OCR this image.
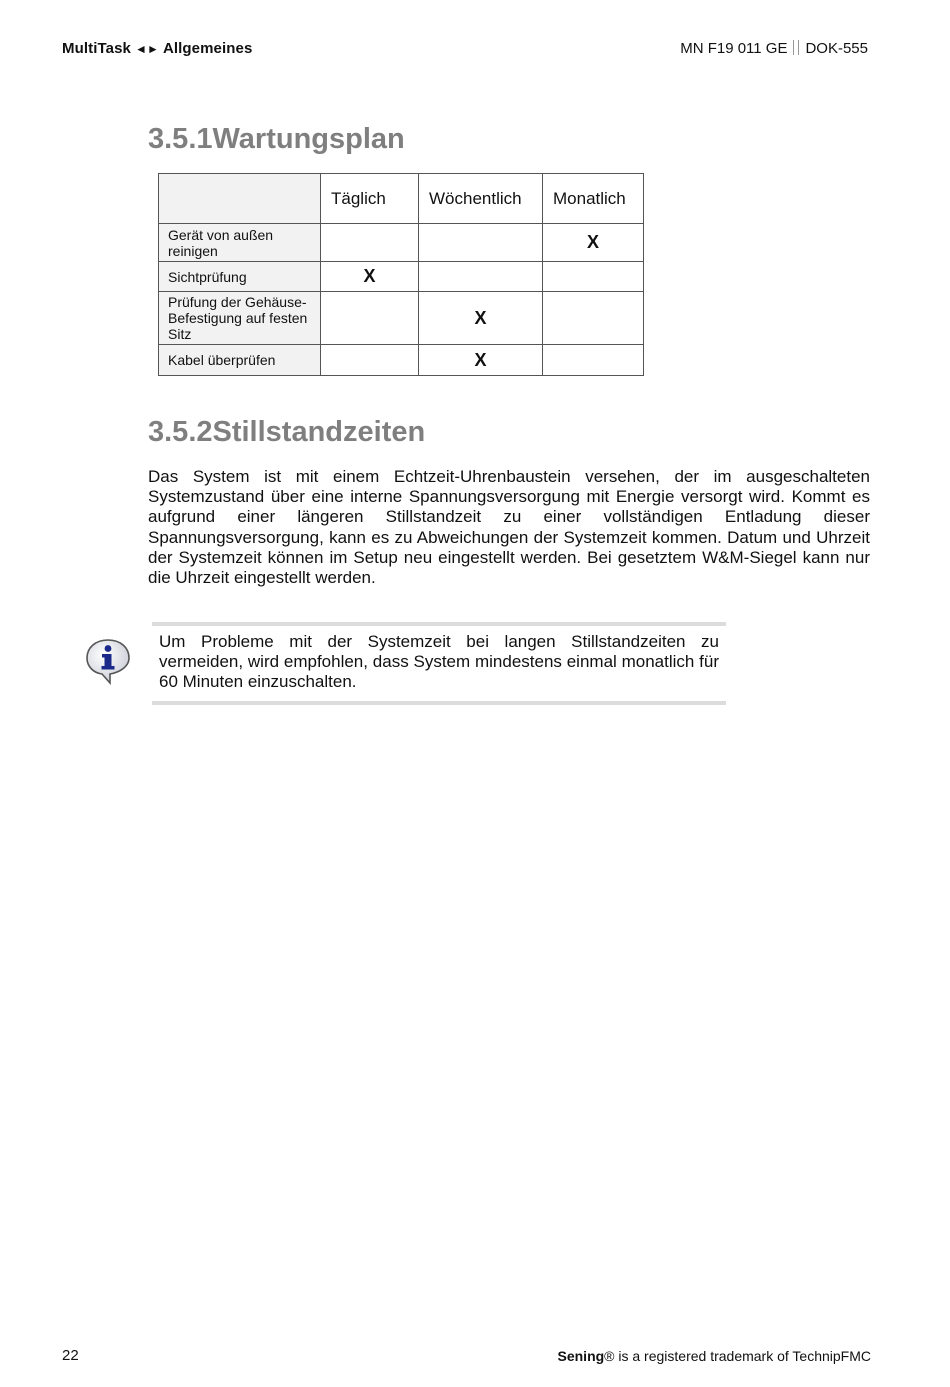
MultiTask ◄► Allgemeines	MN F19 011 GE DOK-555
3.5.1Wartungsplan
	Täglich	Wöchentlich	Monatlich
Gerät von außen reinigen			X
Sichtprüfung	X		
Prüfung der Gehäuse-Befestigung auf festen Sitz		X	
Kabel überprüfen		X	
3.5.2Stillstandzeiten

Das System ist mit einem Echtzeit-Uhrenbaustein versehen, der im ausgeschalteten Systemzustand über eine interne Spannungsversorgung mit Energie versorgt wird. Kommt es aufgrund einer längeren Stillstandzeit zu einer vollständigen Entladung dieser Spannungsversorgung, kann es zu Abweichungen der Systemzeit kommen. Datum und Uhrzeit der Systemzeit können im Setup neu eingestellt werden. Bei gesetztem W&M-Siegel kann nur die Uhrzeit eingestellt werden.

Um Probleme mit der Systemzeit bei langen Stillstandzeiten zu vermeiden, wird empfohlen, dass System mindestens einmal monatlich für 60 Minuten einzuschalten.

22	Sening® is a registered trademark of TechnipFMC
